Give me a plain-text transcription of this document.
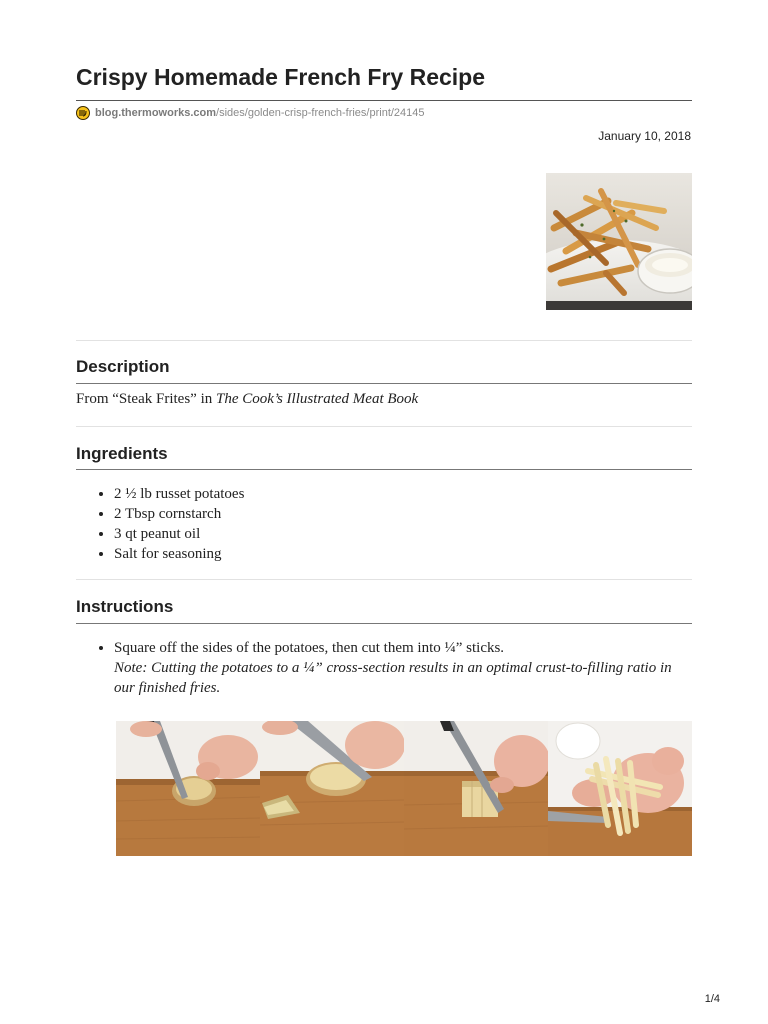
Crispy Homemade French Fry Recipe
blog.thermoworks.com /sides/golden-crisp-french-fries/print/24145
January 10, 2018
Description
From “Steak Frites” in The Cook’s Illustrated Meat Book
Ingredients
• 2 ½ lb russet potatoes
• 2 Tbsp cornstarch
• 3 qt peanut oil
• Salt for seasoning
Instructions
• Square off the sides of the potatoes, then cut them into ¼” sticks.
Note: Cutting the potatoes to a ¼” cross-section results in an optimal crust-to-filling ratio in our finished fries.
1/4
